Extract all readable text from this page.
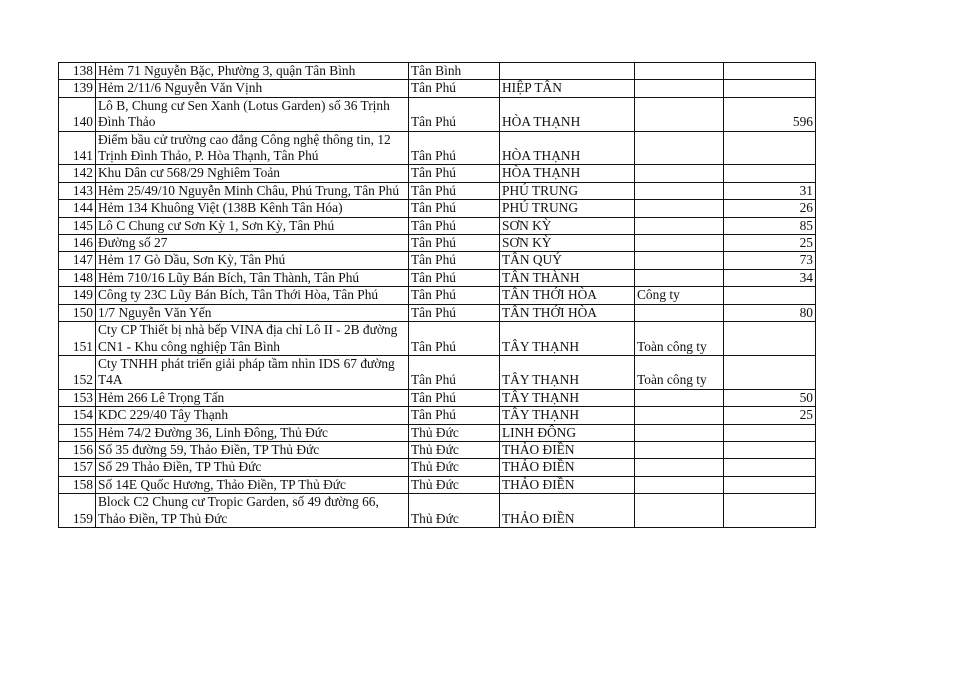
138	Hẻm 71 Nguyễn Bặc, Phường 3, quận Tân Bình	Tân Bình			
139	Hẻm 2/11/6 Nguyễn Văn Vịnh	Tân Phú	HIỆP TÂN		
140	Lô B, Chung cư Sen Xanh (Lotus Garden) số 36 Trịnh Đình Thảo	Tân Phú	HÒA THẠNH		596
141	Điểm bầu cử trường cao đẳng Công nghệ thông tin, 12 Trịnh Đình Thảo, P. Hòa Thạnh, Tân Phú	Tân Phú	HÒA THẠNH		
142	Khu Dân cư 568/29 Nghiêm Toản	Tân Phú	HÒA THẠNH		
143	Hẻm 25/49/10 Nguyễn Minh Châu, Phú Trung, Tân Phú	Tân Phú	PHÚ TRUNG		31
144	Hẻm 134 Khuông Việt (138B Kênh Tân Hóa)	Tân Phú	PHÚ TRUNG		26
145	Lô C Chung cư Sơn Kỳ 1, Sơn Kỳ, Tân Phú	Tân Phú	SƠN KỲ		85
146	Đường số 27	Tân Phú	SƠN KỲ		25
147	Hẻm 17 Gò Dầu, Sơn Kỳ, Tân Phú	Tân Phú	TÂN QUÝ		73
148	Hẻm 710/16 Lũy Bán Bích, Tân Thành, Tân Phú	Tân Phú	TÂN THÀNH		34
149	Công ty 23C Lũy Bán Bích, Tân Thới Hòa, Tân Phú	Tân Phú	TÂN THỚI HÒA	Công ty	
150	1/7 Nguyễn Văn Yến	Tân Phú	TÂN THỚI HÒA		80
151	Cty CP Thiết bị nhà bếp VINA địa chỉ Lô II - 2B đường CN1 - Khu công nghiệp Tân Bình	Tân Phú	TÂY THẠNH	Toàn công ty	
152	Cty TNHH phát triển giải pháp tầm nhìn IDS 67 đường T4A	Tân Phú	TÂY THẠNH	Toàn công ty	
153	Hẻm 266 Lê Trọng Tấn	Tân Phú	TÂY THẠNH		50
154	KDC 229/40 Tây Thạnh	Tân Phú	TÂY THẠNH		25
155	Hẻm 74/2 Đường 36, Linh Đông, Thủ Đức	Thủ Đức	LINH ĐÔNG		
156	Số 35 đường 59, Thảo Điền, TP Thủ Đức	Thủ Đức	THẢO ĐIỀN		
157	Số 29 Thảo Điền, TP Thủ Đức	Thủ Đức	THẢO ĐIỀN		
158	Số 14E Quốc Hương, Thảo Điền, TP Thủ Đức	Thủ Đức	THẢO ĐIỀN		
159	Block C2 Chung cư Tropic Garden, số 49 đường 66, Thảo Điền, TP Thủ Đức	Thủ Đức	THẢO ĐIỀN		
